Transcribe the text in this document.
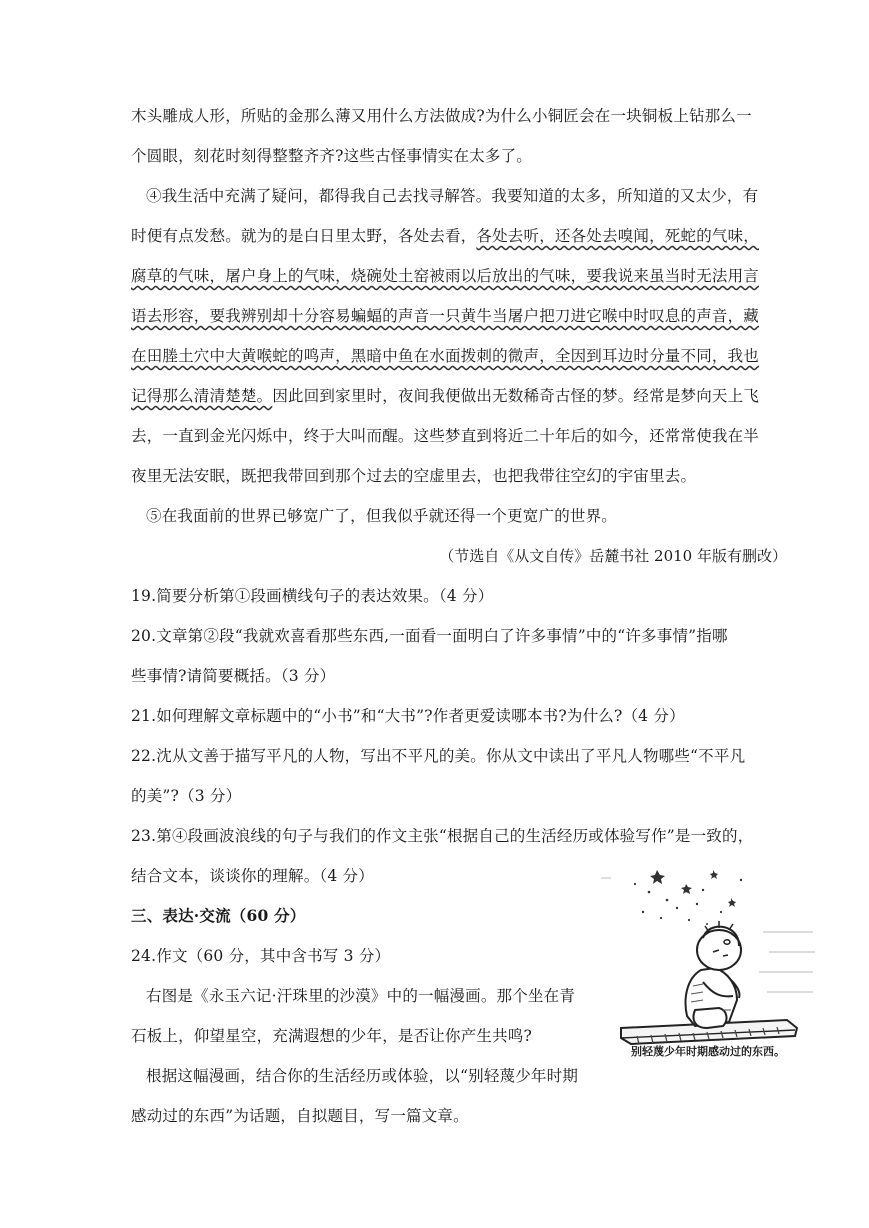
木头雕成人形，所贴的金那么薄又用什么方法做成?为什么小铜匠会在一块铜板上钻那么一
个圆眼，刻花时刻得整整齐齐?这些古怪事情实在太多了。
④我生活中充满了疑问，都得我自己去找寻解答。我要知道的太多，所知道的又太少，有
时便有点发愁。就为的是白日里太野，各处去看，各处去听，还各处去嗅闻，死蛇的气味，
腐草的气味，屠户身上的气味，烧碗处土窑被雨以后放出的气味，要我说来虽当时无法用言
语去形容，要我辨别却十分容易蝙蝠的声音一只黄牛当屠户把刀进它喉中时叹息的声音，藏
在田塍土穴中大黄喉蛇的鸣声，黑暗中鱼在水面拨刺的微声，全因到耳边时分量不同，我也
记得那么清清楚楚。因此回到家里时，夜间我便做出无数稀奇古怪的梦。经常是梦向天上飞
去，一直到金光闪烁中，终于大叫而醒。这些梦直到将近二十年后的如今，还常常使我在半
夜里无法安眠，既把我带回到那个过去的空虚里去，也把我带往空幻的宇宙里去。
⑤在我面前的世界已够宽广了，但我似乎就还得一个更宽广的世界。
（节选自《从文自传》岳麓书社 2010 年版有删改）
19.简要分析第①段画横线句子的表达效果。（4 分）
20.文章第②段“我就欢喜看那些东西,一面看一面明白了许多事情”中的“许多事情”指哪
些事情?请简要概括。（3 分）
21.如何理解文章标题中的“小书”和“大书”?作者更爱读哪本书?为什么?（4 分）
22.沈从文善于描写平凡的人物，写出不平凡的美。你从文中读出了平凡人物哪些“不平凡
的美”?（3 分）
23.第④段画波浪线的句子与我们的作文主张“根据自己的生活经历或体验写作”是一致的，
结合文本，谈谈你的理解。（4 分）
三、表达·交流（60 分）
24.作文（60 分，其中含书写 3 分）
右图是《永玉六记·汗珠里的沙漠》中的一幅漫画。那个坐在青
石板上，仰望星空，充满遐想的少年，是否让你产生共鸣?
根据这幅漫画，结合你的生活经历或体验，以“别轻蔑少年时期
感动过的东西”为话题，自拟题目，写一篇文章。
别轻蔑少年时期感动过的东西。
